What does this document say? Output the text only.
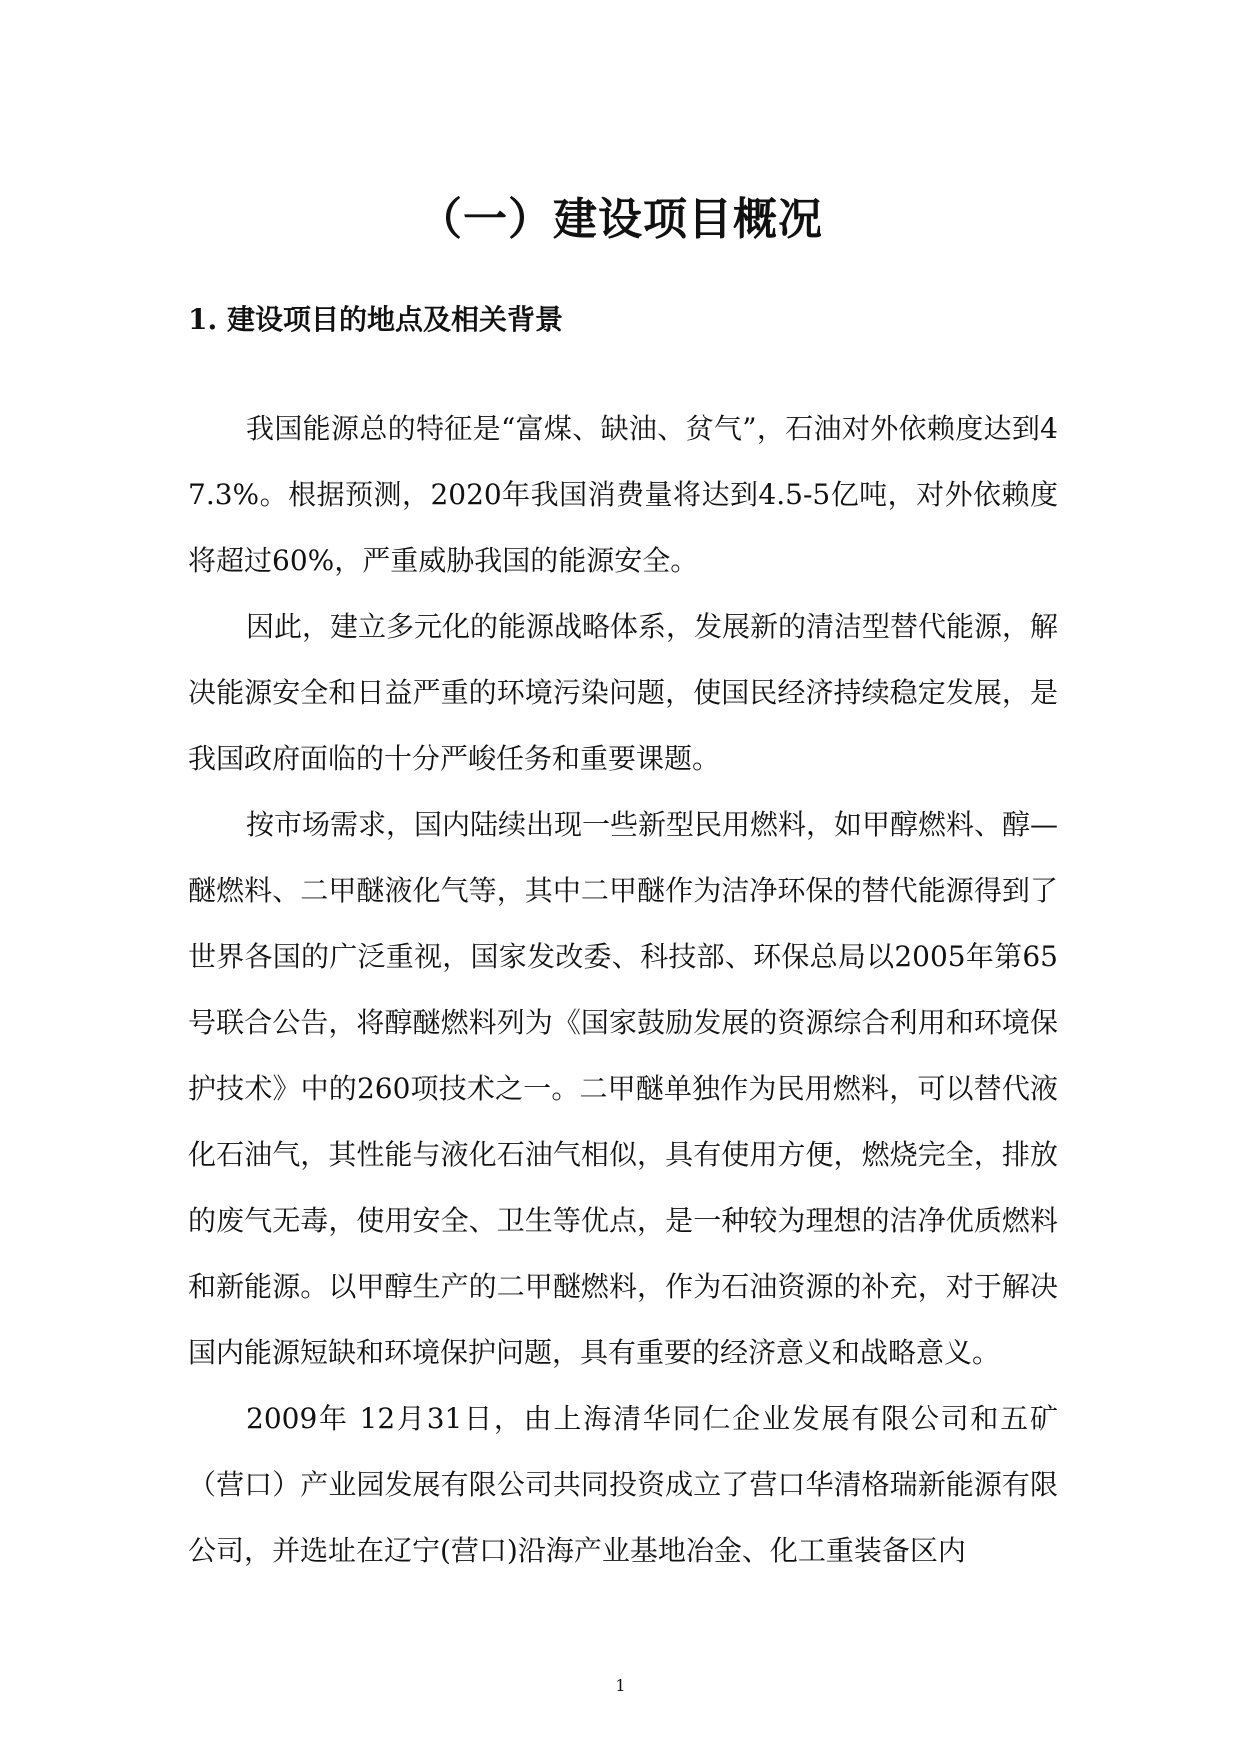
（一）建设项目概况
1. 建设项目的地点及相关背景

我国能源总的特征是“富煤、缺油、贫气”，石油对外依赖度达到47.3%。根据预测，2020年我国消费量将达到4.5-5亿吨，对外依赖度将超过60%，严重威胁我国的能源安全。

因此，建立多元化的能源战略体系，发展新的清洁型替代能源，解决能源安全和日益严重的环境污染问题，使国民经济持续稳定发展，是我国政府面临的十分严峻任务和重要课题。

按市场需求，国内陆续出现一些新型民用燃料，如甲醇燃料、醇—醚燃料、二甲醚液化气等，其中二甲醚作为洁净环保的替代能源得到了世界各国的广泛重视，国家发改委、科技部、环保总局以2005年第65号联合公告，将醇醚燃料列为《国家鼓励发展的资源综合利用和环境保护技术》中的260项技术之一。二甲醚单独作为民用燃料，可以替代液化石油气，其性能与液化石油气相似，具有使用方便，燃烧完全，排放的废气无毒，使用安全、卫生等优点，是一种较为理想的洁净优质燃料和新能源。以甲醇生产的二甲醚燃料，作为石油资源的补充，对于解决国内能源短缺和环境保护问题，具有重要的经济意义和战略意义。

2009年 12月31日，由上海清华同仁企业发展有限公司和五矿（营口）产业园发展有限公司共同投资成立了营口华清格瑞新能源有限公司，并选址在辽宁(营口)沿海产业基地冶金、化工重装备区内

1
